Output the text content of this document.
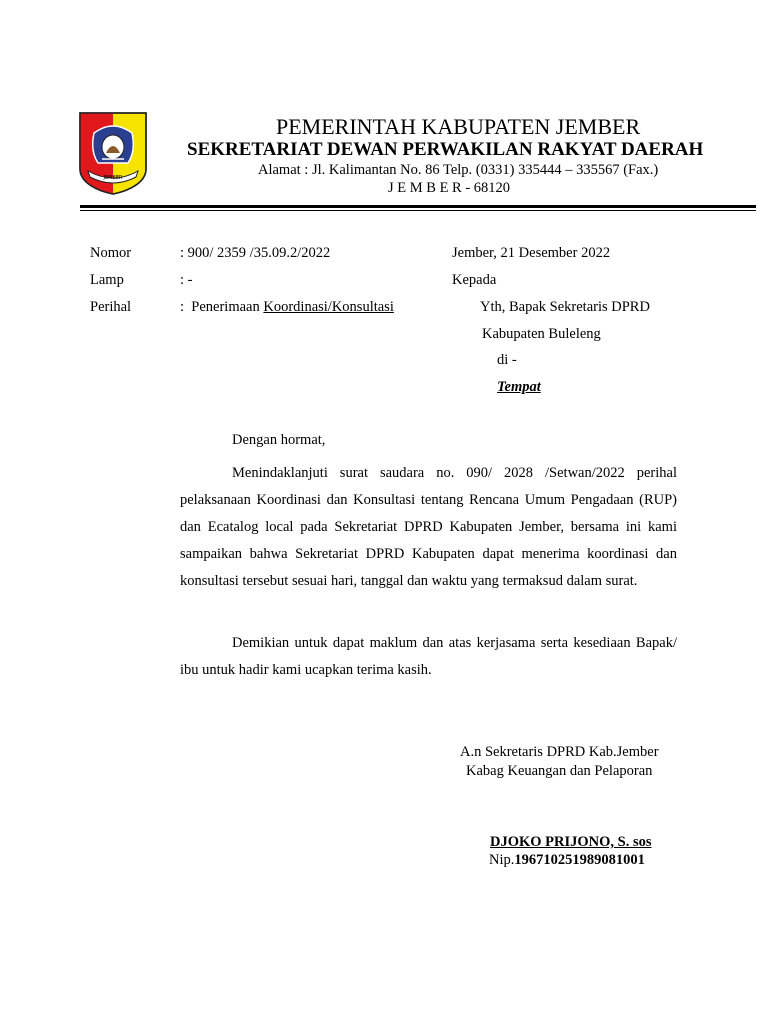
JEMBER
PEMERINTAH KABUPATEN JEMBER
SEKRETARIAT DEWAN PERWAKILAN RAKYAT DAERAH
Alamat : Jl. Kalimantan No. 86 Telp. (0331) 335444 – 335567 (Fax.)
J E M B E R - 68120
Nomor	: 900/ 2359 /35.09.2/2022
Lamp	: -
Perihal	: Penerimaan Koordinasi/Konsultasi
Jember, 21 Desember 2022
Kepada
Yth, Bapak Sekretaris DPRD
Kabupaten Buleleng
di -
Tempat
Dengan hormat,

Menindaklanjuti surat saudara no. 090/ 2028 /Setwan/2022 perihal pelaksanaan Koordinasi dan Konsultasi tentang Rencana Umum Pengadaan (RUP) dan Ecatalog local pada Sekretariat DPRD Kabupaten Jember, bersama ini kami sampaikan bahwa Sekretariat DPRD Kabupaten dapat menerima koordinasi dan konsultasi tersebut sesuai hari, tanggal dan waktu yang termaksud dalam surat.

Demikian untuk dapat maklum dan atas kerjasama serta kesediaan Bapak/ ibu untuk hadir kami ucapkan terima kasih.

A.n Sekretaris DPRD Kab.Jember
Kabag Keuangan dan Pelaporan
DJOKO PRIJONO, S. sos
Nip.196710251989081001
